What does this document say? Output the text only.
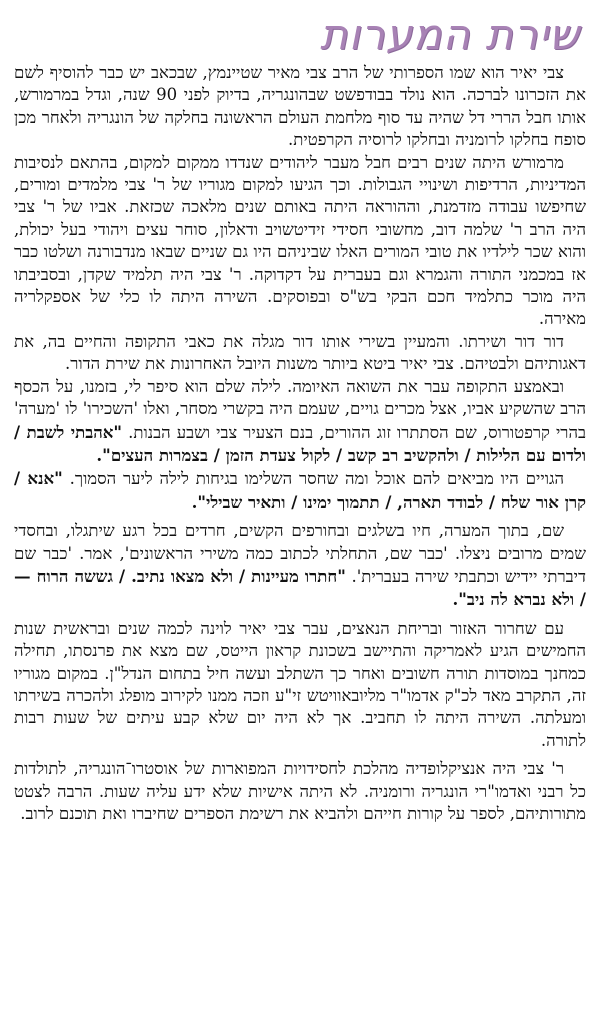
שירת המערות

צבי יאיר הוא שמו הספרותי של הרב צבי מאיר שטיינמץ, שבכאב יש כבר להוסיף לשם את הזכרונו לברכה. הוא נולד בבודפשט שבהונגריה, בדיוק לפני 90 שנה, וגדל במרמורש, אותו חבל הררי דל שהיה עד סוף מלחמת העולם הראשונה בחלקה של הונגריה ולאחר מכן סופח בחלקו לרומניה ובחלקו לרוסיה הקרפטית.

מרמורש היתה שנים רבים חבל מעבר ליהודים שנדדו ממקום למקום, בהתאם לנסיבות המדיניות, הרדיפות ושינויי הגבולות. וכך הגיעו למקום מגוריו של ר' צבי מלמדים ומורים, שחיפשו עבודה מזדמנת, וההוראה היתה באותם שנים מלאכה שכזאת. אביו של ר' צבי היה הרב ר' שלמה דוב, מחשובי חסידי זידיטשויב ודאלון, סוחר עצים ויהודי בעל יכולת, והוא שכר לילדיו את טובי המורים האלו שביניהם היו גם שניים שבאו מנדבורנה ושלטו כבר אז במכמני התורה והגמרא וגם בעברית על דקדוקה. ר' צבי היה תלמיד שקדן, ובסביבתו היה מוכר כתלמיד חכם הבקי בש"ס ובפוסקים. השירה היתה לו כלי של אספקלריה מאירה.

דור דור ושירתו. והמעיין בשירי אותו דור מגלה את כאבי התקופה והחיים בה, את דאגותיהם ולבטיהם. צבי יאיר ביטא ביותר משנות היובל האחרונות את שירת הדור.

ובאמצע התקופה עבר את השואה האיומה. לילה שלם הוא סיפר לי, בזמנו, על הכסף הרב שהשקיע אביו, אצל מכרים גויים, שעמם היה בקשרי מסחר, ואלו 'השכירו' לו 'מערה' בהרי קרפטורוס, שם הסתתרו זוג ההורים, בנם הצעיר צבי ושבע הבנות. "אהבתי לשבת / ולדום עם הלילות / ולהקשיב רב קשב / לקול צעדת הזמן / בצמרות העצים".

הגויים היו מביאים להם אוכל ומה שחסר השלימו בגיחות לילה ליער הסמוך. "אנא / קרן אור שלח / לבודד תארה, / תתמוך ימינו / ותאיר שבילי".

שם, בתוך המערה, חיו בשלגים ובחורפים הקשים, חרדים בכל רגע שיתגלו, ובחסדי שמים מרובים ניצלו. 'כבר שם, התחלתי לכתוב כמה משירי הראשונים', אמר. 'כבר שם דיברתי יידיש וכתבתי שירה בעברית'. "חתרו מעיינות / ולא מצאו נתיב. / גששה הרוח — / ולא נברא לה ניב".

עם שחרור האזור ובריחת הנאצים, עבר צבי יאיר לוינה לכמה שנים ובראשית שנות החמישים הגיע לאמריקה והתיישב בשכונת קראון הייטס, שם מצא את פרנסתו, תחילה כמחנך במוסדות תורה חשובים ואחר כך השתלב ועשה חיל בתחום הנדל"ן. במקום מגוריו זה, התקרב מאד לכ"ק אדמו"ר מליובאוויטש זי"ע וזכה ממנו לקירוב מופלג ולהכרה בשירתו ומעלתה. השירה היתה לו תחביב. אך לא היה יום שלא קבע עיתים של שעות רבות לתורה.

ר' צבי היה אנציקלופדיה מהלכת לחסידויות המפוארות של אוסטרו־הונגריה, לתולדות כל רבני ואדמו"רי הונגריה ורומניה. לא היתה אישיות שלא ידע עליה שעות. הרבה לצטט מתורותיהם, לספר על קורות חייהם ולהביא את רשימת הספרים שחיברו ואת תוכנם לרוב.
